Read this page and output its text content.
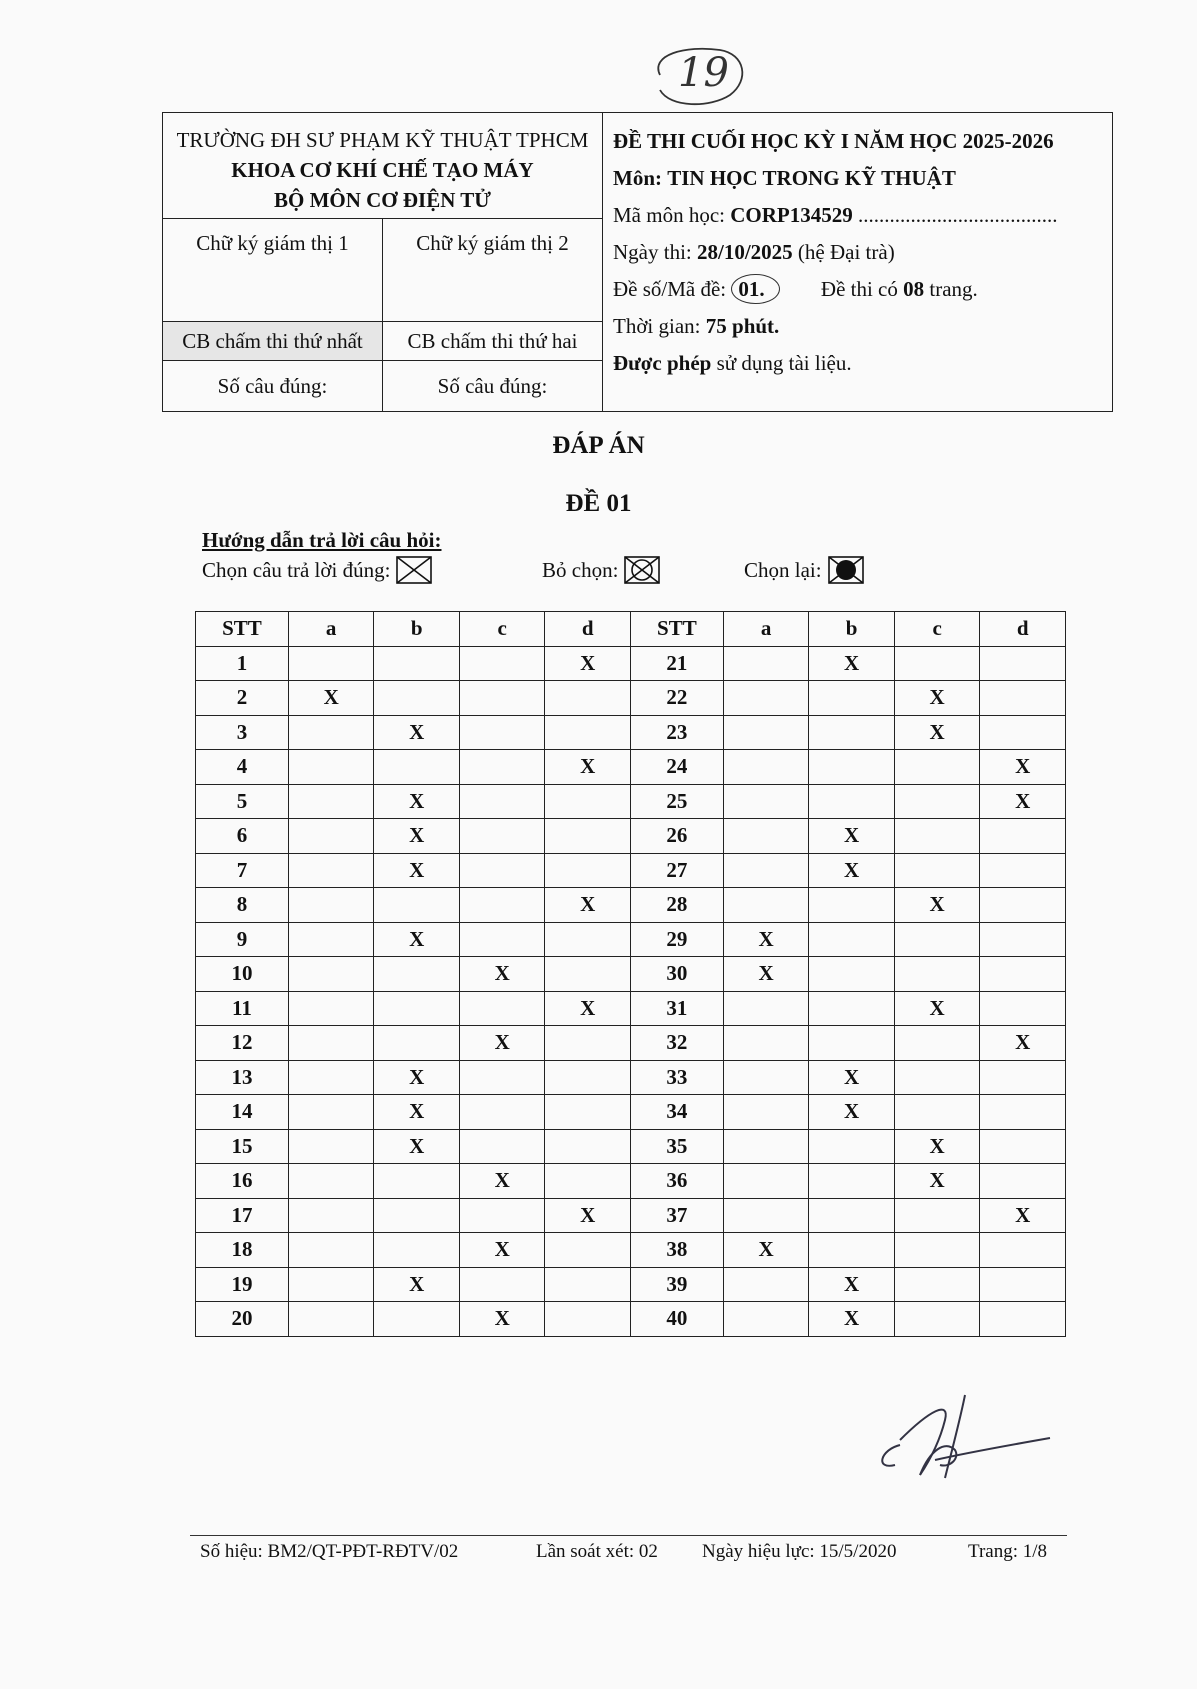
19
TRƯỜNG ĐH SƯ PHẠM KỸ THUẬT TPHCM
KHOA CƠ KHÍ CHẾ TẠO MÁY
BỘ MÔN CƠ ĐIỆN TỬ
Chữ ký giám thị 1	Chữ ký giám thị 2
CB chấm thi thứ nhất	CB chấm thi thứ hai
Số câu đúng:	Số câu đúng:
ĐỀ THI CUỐI HỌC KỲ I NĂM HỌC 2025-2026
Môn: TIN HỌC TRONG KỸ THUẬT
Mã môn học: CORP134529 ......................................
Ngày thi: 28/10/2025 (hệ Đại trà)
Đề số/Mã đề: 01.	Đề thi có 08 trang.
Thời gian: 75 phút.
Được phép sử dụng tài liệu.
ĐÁP ÁN
ĐỀ 01
Hướng dẫn trả lời câu hỏi:
Chọn câu trả lời đúng:	Bỏ chọn:	Chọn lại:
STT	a	b	c	d	STT	a	b	c	d
1				X	21		X		
2	X				22			X	
3		X			23			X	
4				X	24				X
5		X			25				X
6		X			26		X		
7		X			27		X		
8				X	28			X	
9		X			29	X			
10			X		30	X			
11				X	31			X	
12			X		32				X
13		X			33		X		
14		X			34		X		
15		X			35			X	
16			X		36			X	
17				X	37				X
18			X		38	X			
19		X			39		X		
20			X		40		X		
Số hiệu: BM2/QT-PĐT-RĐTV/02	Lần soát xét: 02 Ngày hiệu lực: 15/5/2020	Trang: 1/8
